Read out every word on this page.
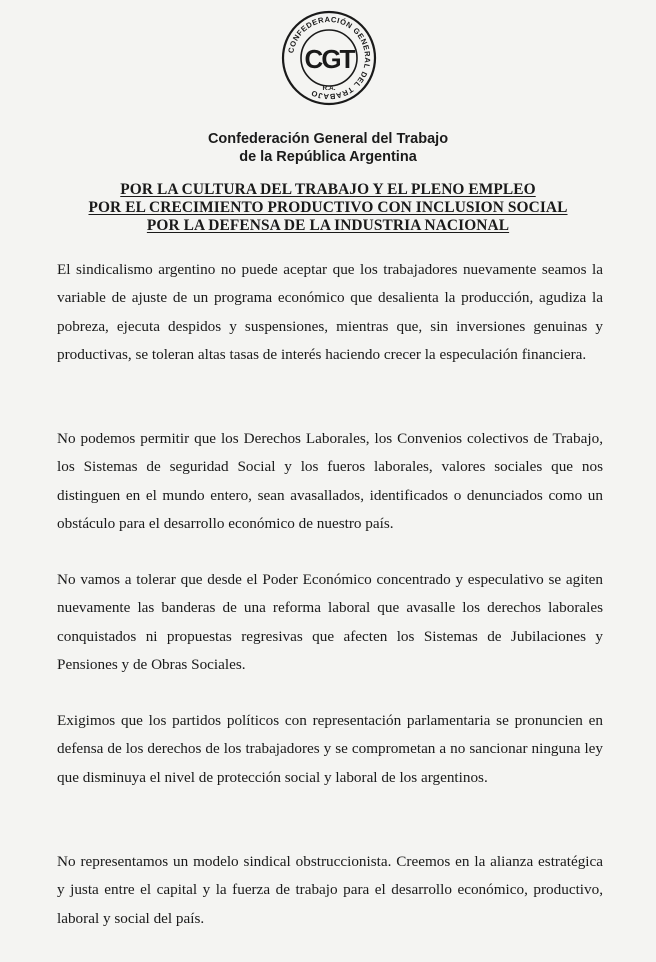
CONFEDERACIÓN GENERAL DEL TRABAJO
CGT
R.A.
Confederación General del Trabajo
de la República Argentina
POR LA CULTURA DEL TRABAJO Y EL PLENO EMPLEO
POR EL CRECIMIENTO PRODUCTIVO CON INCLUSION SOCIAL
POR LA DEFENSA DE LA INDUSTRIA NACIONAL
El sindicalismo argentino no puede aceptar que los trabajadores nuevamente seamos la variable de ajuste de un programa económico que desalienta la producción, agudiza la pobreza, ejecuta despidos y suspensiones, mientras que, sin inversiones genuinas y productivas, se toleran altas tasas de interés haciendo crecer la especulación financiera.
No podemos permitir que los Derechos Laborales, los Convenios colectivos de Trabajo, los Sistemas de seguridad Social y los fueros laborales, valores sociales que nos distinguen en el mundo entero, sean avasallados, identificados o denunciados como un obstáculo para el desarrollo económico de nuestro país.
No vamos a tolerar que desde el Poder Económico concentrado y especulativo se agiten nuevamente las banderas de una reforma laboral que avasalle los derechos laborales conquistados ni propuestas regresivas que afecten los Sistemas de Jubilaciones y Pensiones y de Obras Sociales.
Exigimos que los partidos políticos con representación parlamentaria se pronuncien en defensa de los derechos de los trabajadores y se comprometan a no sancionar ninguna ley que disminuya el nivel de protección social y laboral de los argentinos.
No representamos un modelo sindical obstruccionista. Creemos en la alianza estratégica y justa entre el capital y la fuerza de trabajo para el desarrollo económico, productivo, laboral y social del país.
